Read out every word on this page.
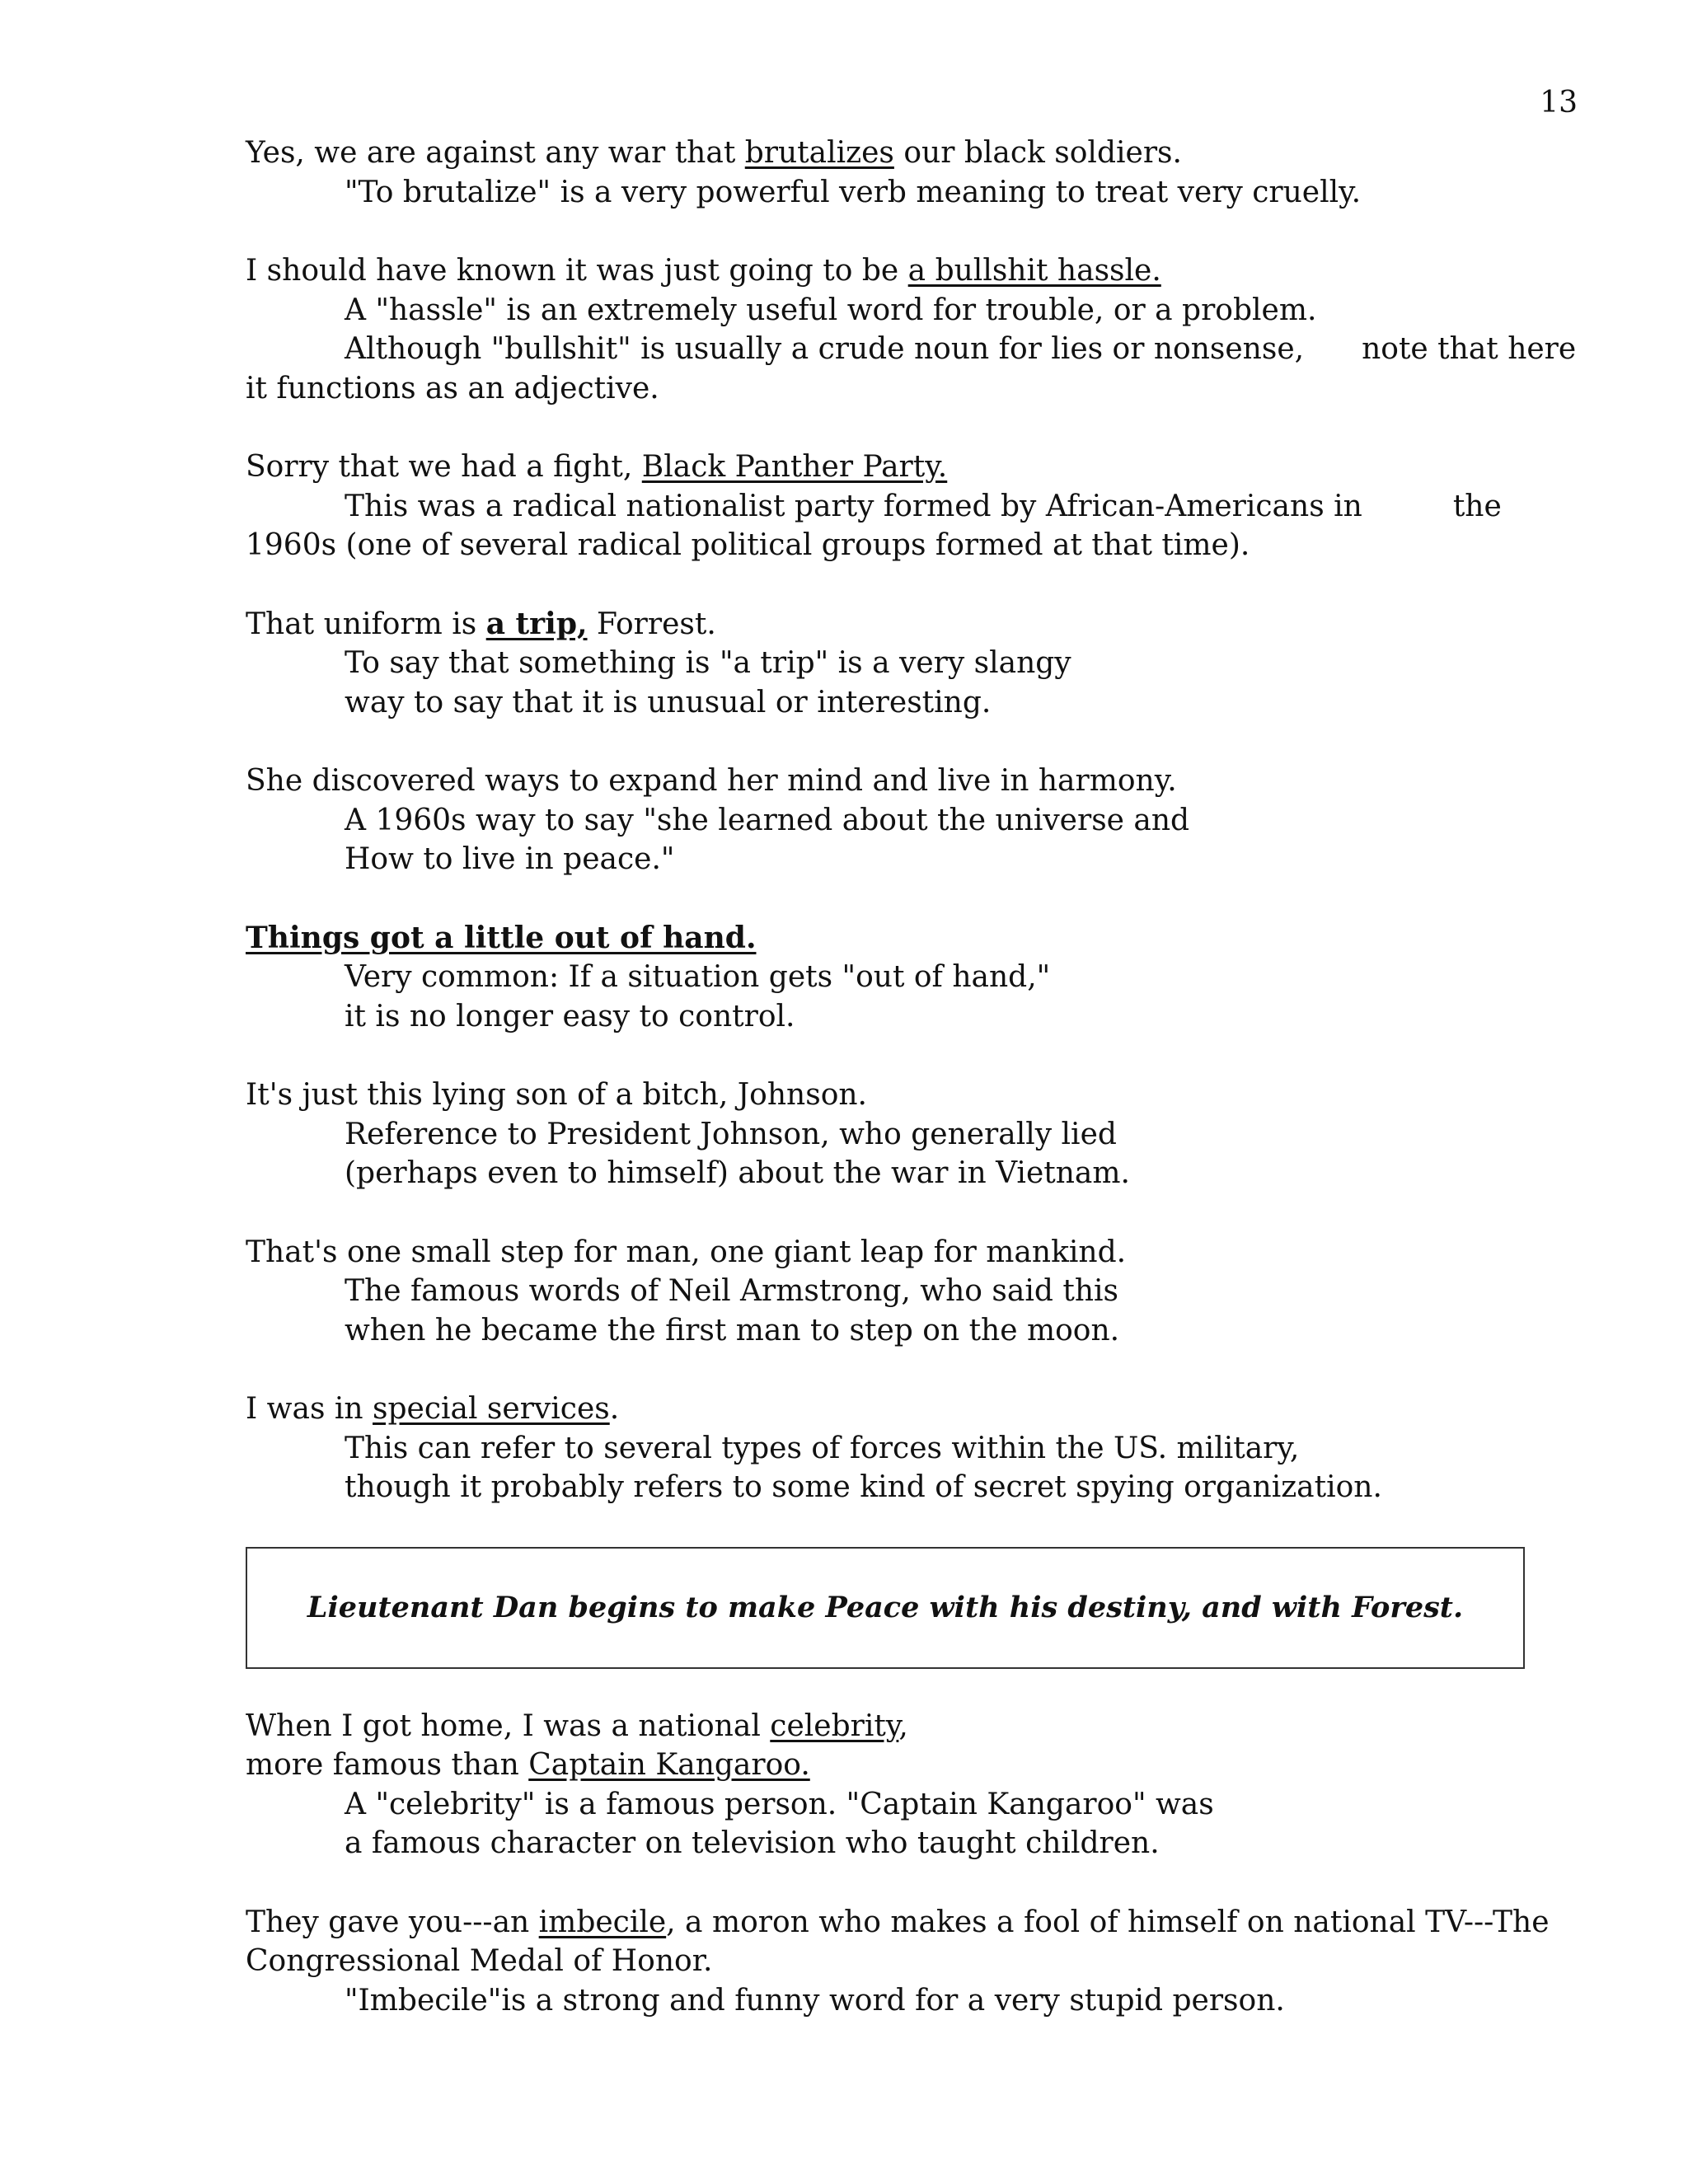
13
Yes, we are against any war that brutalizes our black soldiers.
"To brutalize" is a very powerful verb meaning to treat very cruelly.
I should have known it was just going to be a bullshit hassle.
A "hassle" is an extremely useful word for trouble, or a problem.
Although "bullshit" is usually a crude noun for lies or nonsense, note that here
it functions as an adjective.
Sorry that we had a fight, Black Panther Party.
This was a radical nationalist party formed by African-Americans in	the
1960s (one of several radical political groups formed at that time).
That uniform is a trip, Forrest.
To say that something is "a trip" is a very slangy
way to say that it is unusual or interesting.
She discovered ways to expand her mind and live in harmony.
A 1960s way to say "she learned about the universe and
How to live in peace."
Things got a little out of hand.
Very common: If a situation gets "out of hand,"
it is no longer easy to control.
It's just this lying son of a bitch, Johnson.
Reference to President Johnson, who generally lied
(perhaps even to himself) about the war in Vietnam.
That's one small step for man, one giant leap for mankind.
The famous words of Neil Armstrong, who said this
when he became the first man to step on the moon.
I was in special services.
This can refer to several types of forces within the US. military,
though it probably refers to some kind of secret spying organization.
Lieutenant Dan begins to make Peace with his destiny, and with Forest.
When I got home, I was a national celebrity,
more famous than Captain Kangaroo.
A "celebrity" is a famous person. "Captain Kangaroo" was
a famous character on television who taught children.
They gave you---an imbecile, a moron who makes a fool of himself on national TV---The
Congressional Medal of Honor.
"Imbecile"is a strong and funny word for a very stupid person.
